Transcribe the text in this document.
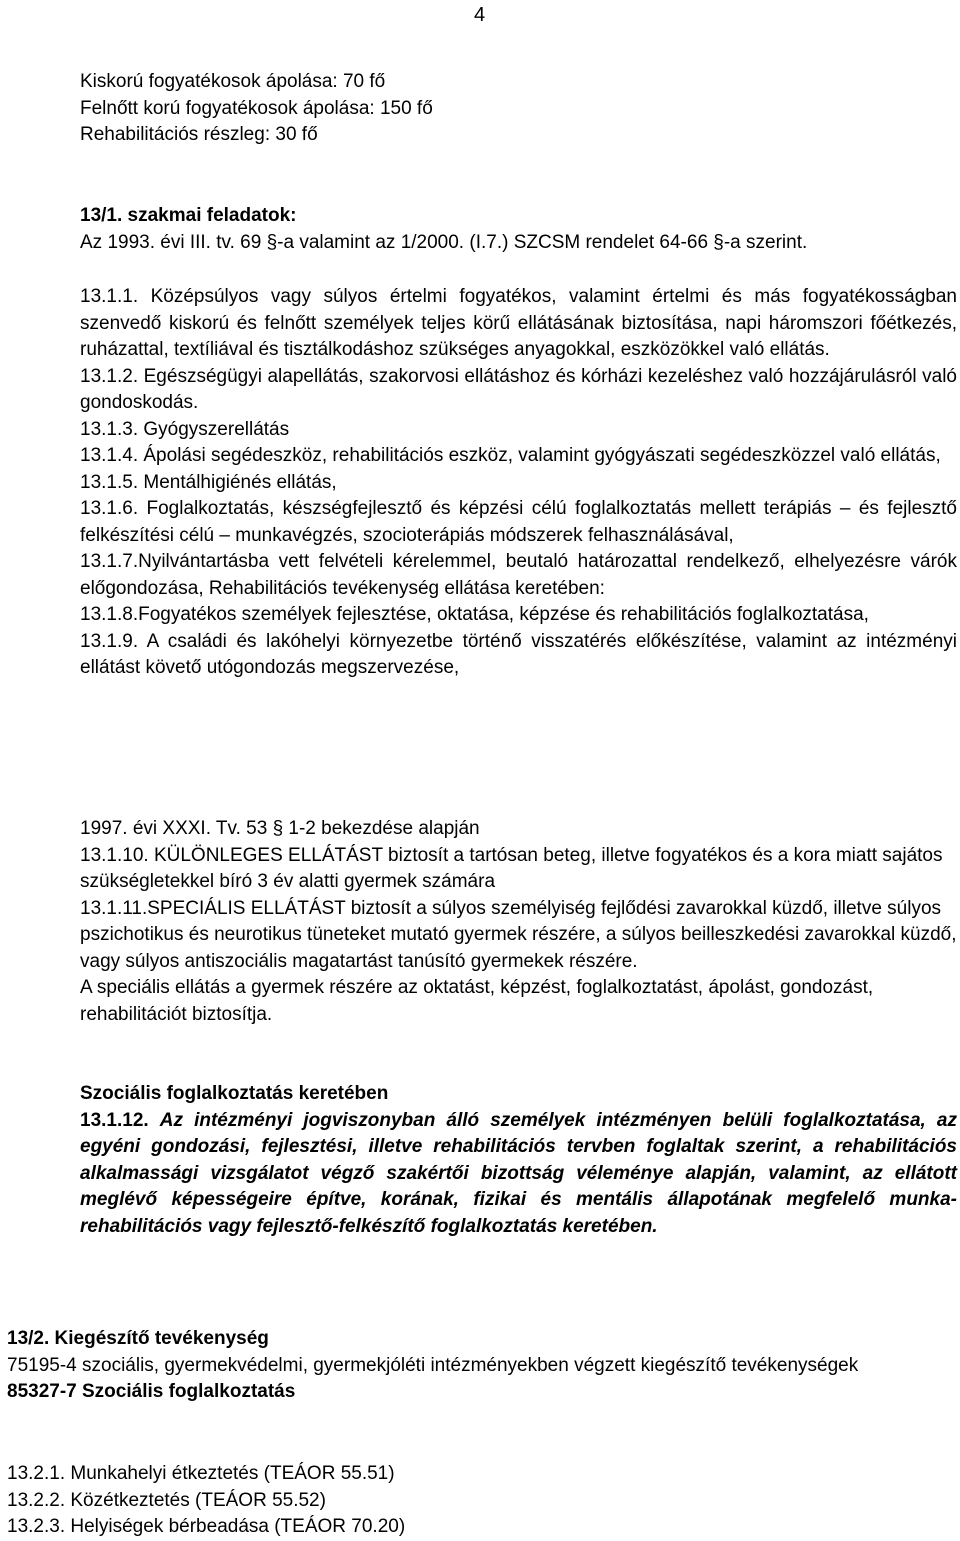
4

Kiskorú fogyatékosok ápolása: 70 fő

Felnőtt korú fogyatékosok ápolása: 150 fő

Rehabilitációs részleg: 30 fő

13/1. szakmai feladatok:

Az 1993. évi III. tv. 69 §-a valamint az 1/2000. (I.7.) SZCSM rendelet 64-66 §-a szerint.

13.1.1. Középsúlyos vagy súlyos értelmi fogyatékos, valamint értelmi és más fogyatékosságban szenvedő kiskorú és felnőtt személyek teljes körű ellátásának biztosítása, napi háromszori főétkezés, ruházattal, textíliával és tisztálkodáshoz szükséges anyagokkal, eszközökkel való ellátás.

13.1.2. Egészségügyi alapellátás, szakorvosi ellátáshoz és kórházi kezeléshez való hozzájárulásról való gondoskodás.

13.1.3. Gyógyszerellátás

13.1.4. Ápolási segédeszköz, rehabilitációs eszköz, valamint gyógyászati segédeszközzel való ellátás,

13.1.5. Mentálhigiénés ellátás,

13.1.6. Foglalkoztatás, készségfejlesztő és képzési célú foglalkoztatás mellett terápiás – és fejlesztő felkészítési célú – munkavégzés, szocioterápiás módszerek felhasználásával,

13.1.7.Nyilvántartásba vett felvételi kérelemmel, beutaló határozattal rendelkező, elhelyezésre várók előgondozása, Rehabilitációs tevékenység ellátása keretében:

13.1.8.Fogyatékos személyek fejlesztése, oktatása, képzése és rehabilitációs foglalkoztatása,

13.1.9. A családi és lakóhelyi környezetbe történő visszatérés előkészítése, valamint az intézményi ellátást követő utógondozás megszervezése,

1997. évi XXXI. Tv. 53 § 1-2 bekezdése alapján

13.1.10. KÜLÖNLEGES ELLÁTÁST biztosít a tartósan beteg, illetve fogyatékos és a kora miatt sajátos szükségletekkel bíró 3 év alatti gyermek számára

13.1.11.SPECIÁLIS ELLÁTÁST biztosít a súlyos személyiség fejlődési zavarokkal küzdő, illetve súlyos pszichotikus és neurotikus tüneteket mutató gyermek részére, a súlyos beilleszkedési zavarokkal küzdő, vagy súlyos antiszociális magatartást tanúsító gyermekek részére.

A speciális ellátás a gyermek részére az oktatást, képzést, foglalkoztatást, ápolást, gondozást, rehabilitációt biztosítja.

Szociális foglalkoztatás keretében

13.1.12. Az intézményi jogviszonyban álló személyek intézményen belüli foglalkoztatása, az egyéni gondozási, fejlesztési, illetve rehabilitációs tervben foglaltak szerint, a rehabilitációs alkalmassági vizsgálatot végző szakértői bizottság véleménye alapján, valamint, az ellátott meglévő képességeire építve, korának, fizikai és mentális állapotának megfelelő munka-rehabilitációs vagy fejlesztő-felkészítő foglalkoztatás keretében.

13/2. Kiegészítő tevékenység

75195-4 szociális, gyermekvédelmi, gyermekjóléti intézményekben végzett kiegészítő tevékenységek

85327-7 Szociális foglalkoztatás

13.2.1. Munkahelyi étkeztetés (TEÁOR 55.51)

13.2.2. Közétkeztetés (TEÁOR 55.52)

13.2.3. Helyiségek bérbeadása (TEÁOR 70.20)
